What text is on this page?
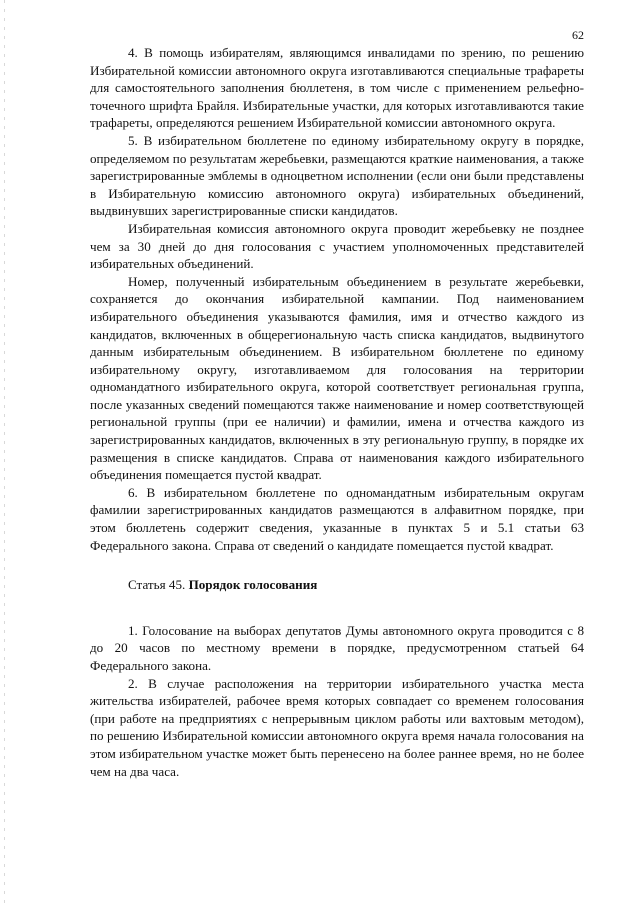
62

4. В помощь избирателям, являющимся инвалидами по зрению, по решению Избирательной комиссии автономного округа изготавливаются специальные трафареты для самостоятельного заполнения бюллетеня, в том числе с применением рельефно-точечного шрифта Брайля. Избирательные участки, для которых изготавливаются такие трафареты, определяются решением Избирательной комиссии автономного округа.

5. В избирательном бюллетене по единому избирательному округу в порядке, определяемом по результатам жеребьевки, размещаются краткие наименования, а также зарегистрированные эмблемы в одноцветном исполнении (если они были представлены в Избирательную комиссию автономного округа) избирательных объединений, выдвинувших зарегистрированные списки кандидатов.

Избирательная комиссия автономного округа проводит жеребьевку не позднее чем за 30 дней до дня голосования с участием уполномоченных представителей избирательных объединений.

Номер, полученный избирательным объединением в результате жеребьевки, сохраняется до окончания избирательной кампании. Под наименованием избирательного объединения указываются фамилия, имя и отчество каждого из кандидатов, включенных в общерегиональную часть списка кандидатов, выдвинутого данным избирательным объединением. В избирательном бюллетене по единому избирательному округу, изготавливаемом для голосования на территории одномандатного избирательного округа, которой соответствует региональная группа, после указанных сведений помещаются также наименование и номер соответствующей региональной группы (при ее наличии) и фамилии, имена и отчества каждого из зарегистрированных кандидатов, включенных в эту региональную группу, в порядке их размещения в списке кандидатов. Справа от наименования каждого избирательного объединения помещается пустой квадрат.

6. В избирательном бюллетене по одномандатным избирательным округам фамилии зарегистрированных кандидатов размещаются в алфавитном порядке, при этом бюллетень содержит сведения, указанные в пунктах 5 и 5.1 статьи 63 Федерального закона. Справа от сведений о кандидате помещается пустой квадрат.

Статья 45. Порядок голосования

1. Голосование на выборах депутатов Думы автономного округа проводится с 8 до 20 часов по местному времени в порядке, предусмотренном статьей 64 Федерального закона.

2. В случае расположения на территории избирательного участка места жительства избирателей, рабочее время которых совпадает со временем голосования (при работе на предприятиях с непрерывным циклом работы или вахтовым методом), по решению Избирательной комиссии автономного округа время начала голосования на этом избирательном участке может быть перенесено на более раннее время, но не более чем на два часа.
